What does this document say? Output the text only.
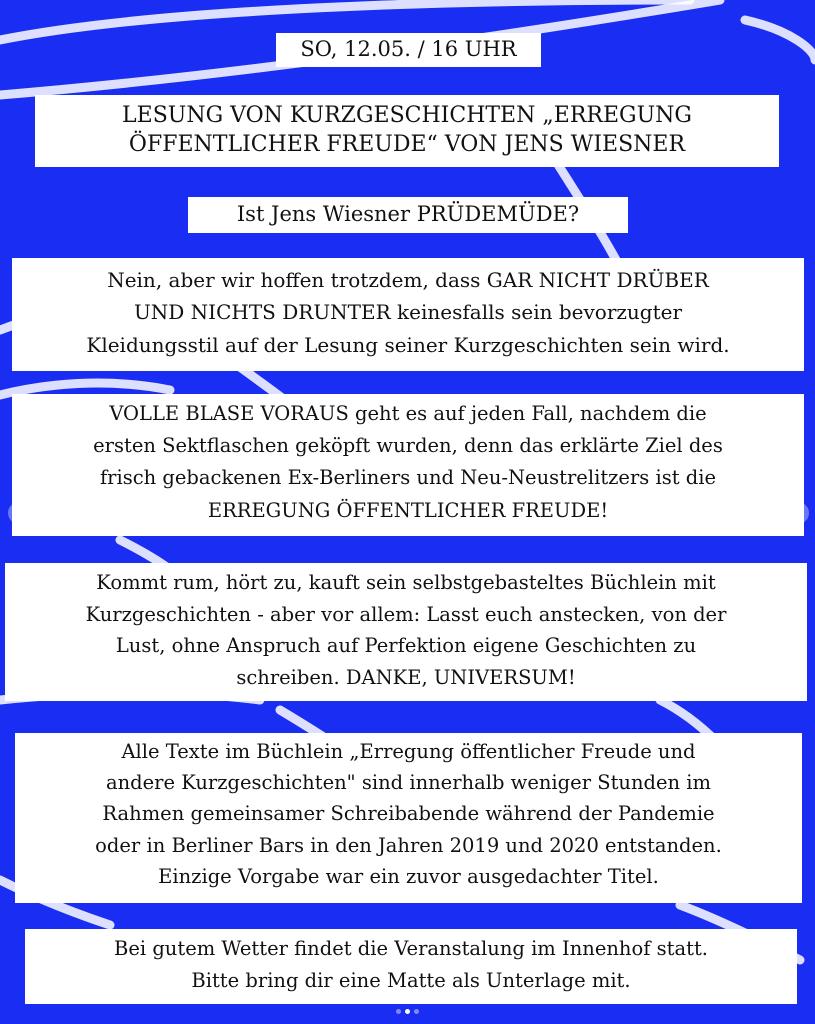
SO, 12.05. / 16 UHR
LESUNG VON KURZGESCHICHTEN „ERREGUNG
ÖFFENTLICHER FREUDE“ VON JENS WIESNER
Ist Jens Wiesner PRÜDEMÜDE?
Nein, aber wir hoffen trotzdem, dass GAR NICHT DRÜBER
UND NICHTS DRUNTER keinesfalls sein bevorzugter
Kleidungsstil auf der Lesung seiner Kurzgeschichten sein wird.
VOLLE BLASE VORAUS geht es auf jeden Fall, nachdem die
ersten Sektflaschen geköpft wurden, denn das erklärte Ziel des
frisch gebackenen Ex-Berliners und Neu-Neustrelitzers ist die
ERREGUNG ÖFFENTLICHER FREUDE!
Kommt rum, hört zu, kauft sein selbstgebasteltes Büchlein mit
Kurzgeschichten - aber vor allem: Lasst euch anstecken, von der
Lust, ohne Anspruch auf Perfektion eigene Geschichten zu
schreiben. DANKE, UNIVERSUM!
Alle Texte im Büchlein „Erregung öffentlicher Freude und
andere Kurzgeschichten" sind innerhalb weniger Stunden im
Rahmen gemeinsamer Schreibabende während der Pandemie
oder in Berliner Bars in den Jahren 2019 und 2020 entstanden.
Einzige Vorgabe war ein zuvor ausgedachter Titel.
Bei gutem Wetter findet die Veranstalung im Innenhof statt.
Bitte bring dir eine Matte als Unterlage mit.
‹	›
